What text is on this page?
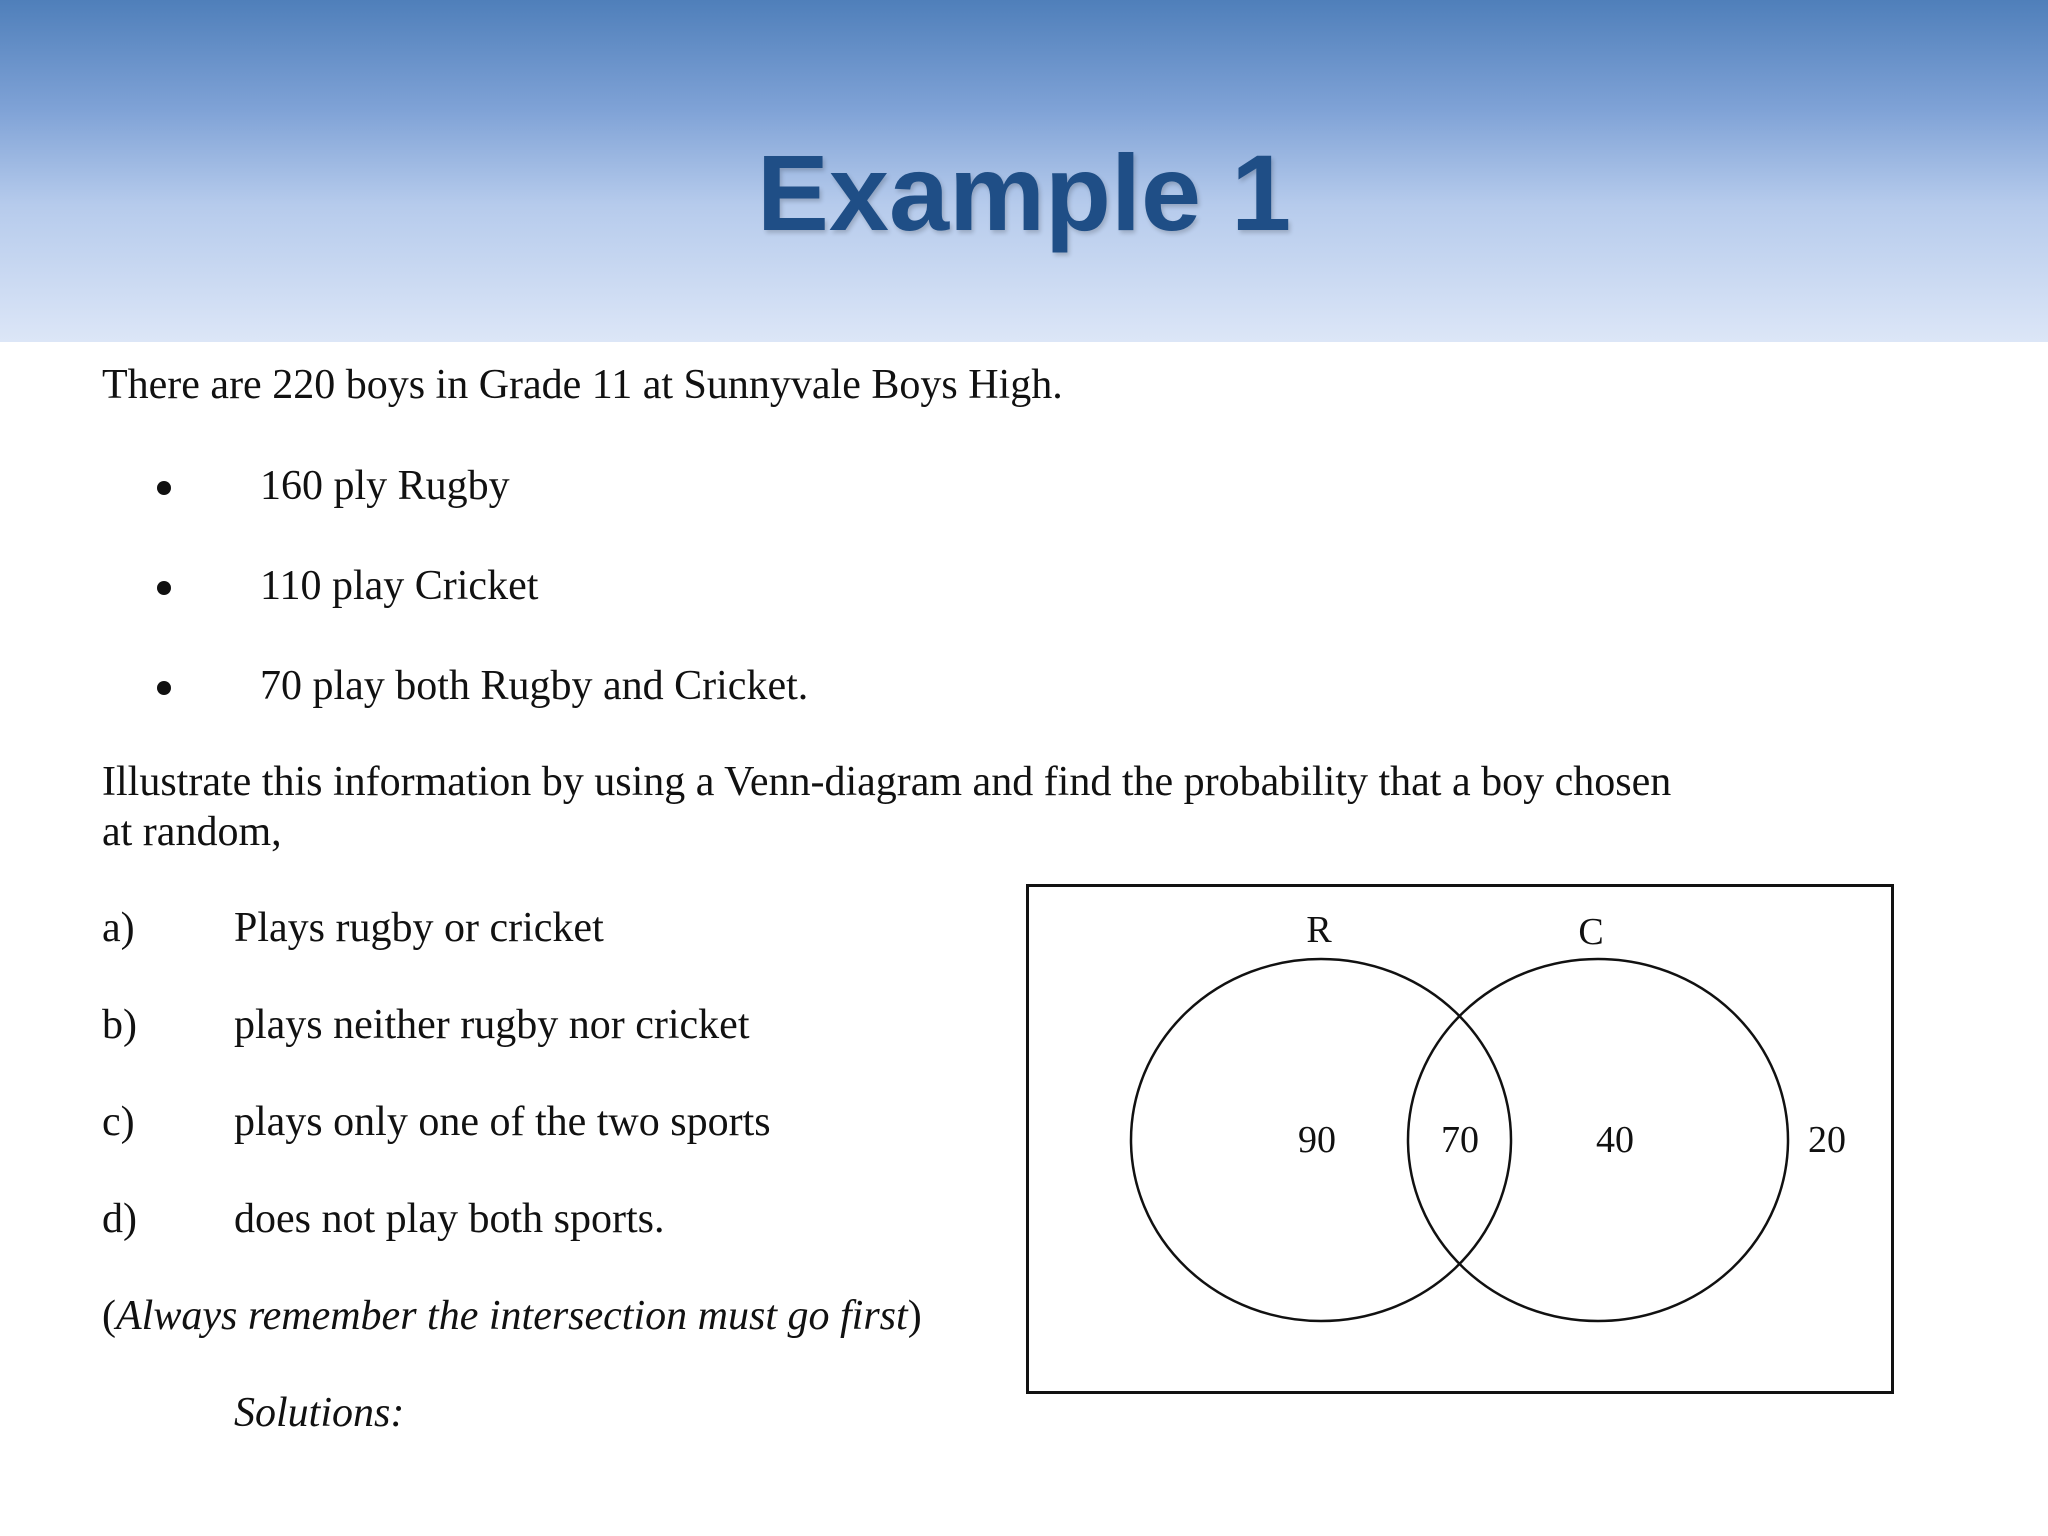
Example 1
There are 220 boys in Grade 11 at Sunnyvale Boys High.
160 ply Rugby
110 play Cricket
70 play both Rugby and Cricket.
Illustrate this information by using a Venn-diagram and find the probability that a boy chosen
at random,
a) Plays rugby or cricket
b) plays neither rugby nor cricket
c) plays only one of the two sports
d) does not play both sports.
(Always remember the intersection must go first)
Solutions:
R	C
90	70	40	20
